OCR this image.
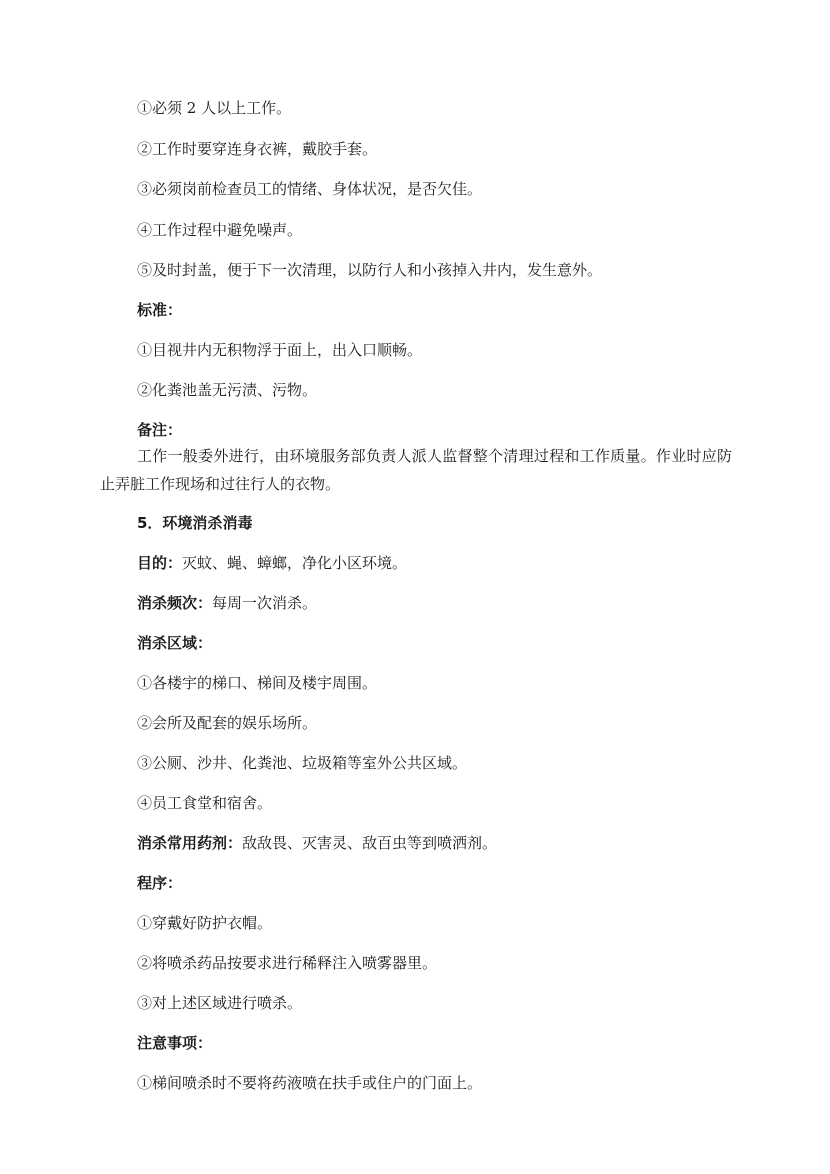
①必须 2 人以上工作。
②工作时要穿连身衣裤，戴胶手套。
③必须岗前检查员工的情绪、身体状况，是否欠佳。
④工作过程中避免噪声。
⑤及时封盖，便于下一次清理，以防行人和小孩掉入井内，发生意外。
标准：
①目视井内无积物浮于面上，出入口顺畅。
②化粪池盖无污渍、污物。
备注：
工作一般委外进行，由环境服务部负责人派人监督整个清理过程和工作质量。作业时应防止弄脏工作现场和过往行人的衣物。
5．环境消杀消毒
目的：灭蚊、蝇、蟑螂，净化小区环境。
消杀频次：每周一次消杀。
消杀区域：
①各楼宇的梯口、梯间及楼宇周围。
②会所及配套的娱乐场所。
③公厕、沙井、化粪池、垃圾箱等室外公共区域。
④员工食堂和宿舍。
消杀常用药剂：敌敌畏、灭害灵、敌百虫等到喷洒剂。
程序：
①穿戴好防护衣帽。
②将喷杀药品按要求进行稀释注入喷雾器里。
③对上述区域进行喷杀。
注意事项：
①梯间喷杀时不要将药液喷在扶手或住户的门面上。
